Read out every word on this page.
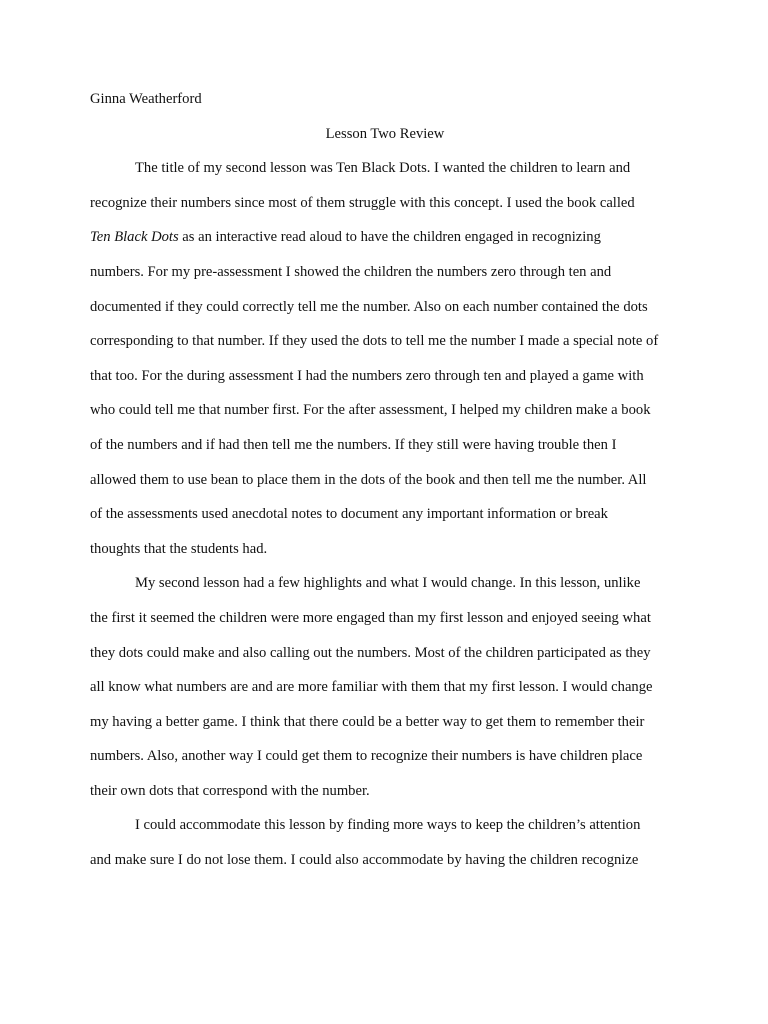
Ginna Weatherford

Lesson Two Review

The title of my second lesson was Ten Black Dots. I wanted the children to learn and
recognize their numbers since most of them struggle with this concept. I used the book called
Ten Black Dots as an interactive read aloud to have the children engaged in recognizing
numbers. For my pre-assessment I showed the children the numbers zero through ten and
documented if they could correctly tell me the number. Also on each number contained the dots
corresponding to that number. If they used the dots to tell me the number I made a special note of
that too. For the during assessment I had the numbers zero through ten and played a game with
who could tell me that number first. For the after assessment, I helped my children make a book
of the numbers and if had then tell me the numbers. If they still were having trouble then I
allowed them to use bean to place them in the dots of the book and then tell me the number. All
of the assessments used anecdotal notes to document any important information or break
thoughts that the students had.
My second lesson had a few highlights and what I would change. In this lesson, unlike
the first it seemed the children were more engaged than my first lesson and enjoyed seeing what
they dots could make and also calling out the numbers. Most of the children participated as they
all know what numbers are and are more familiar with them that my first lesson. I would change
my having a better game. I think that there could be a better way to get them to remember their
numbers. Also, another way I could get them to recognize their numbers is have children place
their own dots that correspond with the number.
I could accommodate this lesson by finding more ways to keep the children’s attention
and make sure I do not lose them. I could also accommodate by having the children recognize
